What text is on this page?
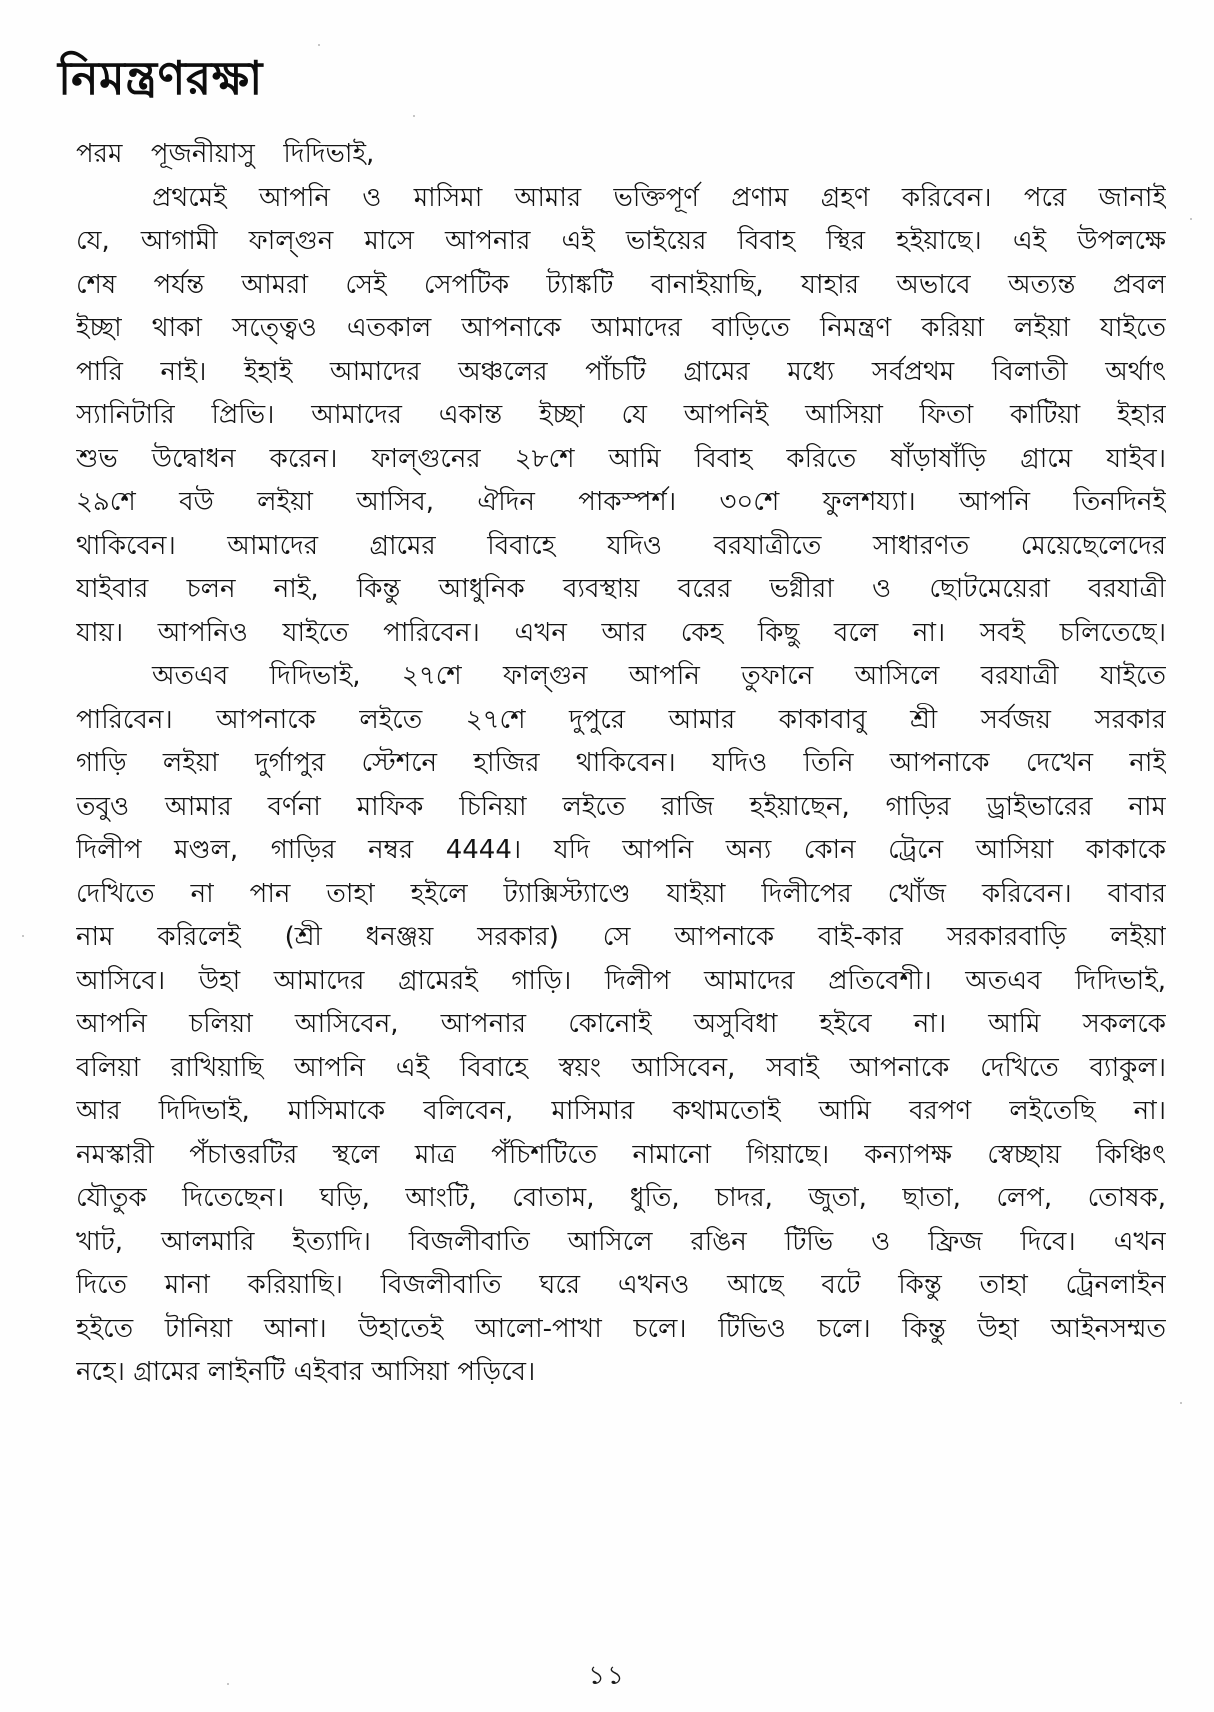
নিমন্ত্রণরক্ষা
পরম  পূজনীয়াসু  দিদিভাই,
প্রথমেই আপনি ও মাসিমা আমার ভক্তিপূর্ণ প্রণাম গ্রহণ করিবেন। পরে জানাই
যে, আগামী ফাল্গুন মাসে আপনার এই ভাইয়ের বিবাহ স্থির হইয়াছে। এই উপলক্ষে
শেষ পর্যন্ত আমরা সেই সেপটিক ট্যাঙ্কটি বানাইয়াছি, যাহার অভাবে অত্যন্ত প্রবল
ইচ্ছা থাকা সত্ত্বেও এতকাল আপনাকে আমাদের বাড়িতে নিমন্ত্রণ করিয়া লইয়া যাইতে
পারি নাই। ইহাই আমাদের অঞ্চলের পাঁচটি গ্রামের মধ্যে সর্বপ্রথম বিলাতী অর্থাৎ
স্যানিটারি প্রিভি। আমাদের একান্ত ইচ্ছা যে আপনিই আসিয়া ফিতা কাটিয়া ইহার
শুভ উদ্বোধন করেন। ফাল্গুনের ২৮শে আমি বিবাহ করিতে ষাঁড়াষাঁড়ি গ্রামে যাইব।
২৯শে বউ লইয়া আসিব, ঐদিন পাকস্পর্শ। ৩০শে ফুলশয্যা। আপনি তিনদিনই
থাকিবেন। আমাদের গ্রামের বিবাহে যদিও বরযাত্রীতে সাধারণত মেয়েছেলেদের
যাইবার চলন নাই, কিন্তু আধুনিক ব্যবস্থায় বরের ভগ্নীরা ও ছোটমেয়েরা বরযাত্রী
যায়। আপনিও যাইতে পারিবেন। এখন আর কেহ কিছু বলে না। সবই চলিতেছে।
অতএব দিদিভাই, ২৭শে ফাল্গুন আপনি তুফানে আসিলে বরযাত্রী যাইতে
পারিবেন। আপনাকে লইতে ২৭শে দুপুরে আমার কাকাবাবু শ্রী সর্বজয় সরকার
গাড়ি লইয়া দুর্গাপুর স্টেশনে হাজির থাকিবেন। যদিও তিনি আপনাকে দেখেন নাই
তবুও আমার বর্ণনা মাফিক চিনিয়া লইতে রাজি হইয়াছেন, গাড়ির ড্রাইভারের নাম
দিলীপ মণ্ডল, গাড়ির নম্বর 4444। যদি আপনি অন্য কোন ট্রেনে আসিয়া কাকাকে
দেখিতে না পান তাহা হইলে ট্যাক্সিস্ট্যাণ্ডে যাইয়া দিলীপের খোঁজ করিবেন। বাবার
নাম করিলেই (শ্রী ধনঞ্জয় সরকার) সে আপনাকে বাই-কার সরকারবাড়ি লইয়া
আসিবে। উহা আমাদের গ্রামেরই গাড়ি। দিলীপ আমাদের প্রতিবেশী। অতএব দিদিভাই,
আপনি চলিয়া আসিবেন, আপনার কোনোই অসুবিধা হইবে না। আমি সকলকে
বলিয়া রাখিয়াছি আপনি এই বিবাহে স্বয়ং আসিবেন, সবাই আপনাকে দেখিতে ব্যাকুল।
আর দিদিভাই, মাসিমাকে বলিবেন, মাসিমার কথামতোই আমি বরপণ লইতেছি না।
নমস্কারী পঁচাত্তরটির স্থলে মাত্র পঁচিশটিতে নামানো গিয়াছে। কন্যাপক্ষ স্বেচ্ছায় কিঞ্চিৎ
যৌতুক দিতেছেন। ঘড়ি, আংটি, বোতাম, ধুতি, চাদর, জুতা, ছাতা, লেপ, তোষক,
খাট, আলমারি ইত্যাদি। বিজলীবাতি আসিলে রঙিন টিভি ও ফ্রিজ দিবে। এখন
দিতে মানা করিয়াছি। বিজলীবাতি ঘরে এখনও আছে বটে কিন্তু তাহা ট্রেনলাইন
হইতে টানিয়া আনা। উহাতেই আলো-পাখা চলে। টিভিও চলে। কিন্তু উহা আইনসম্মত
নহে। গ্রামের লাইনটি এইবার আসিয়া পড়িবে।
১১
